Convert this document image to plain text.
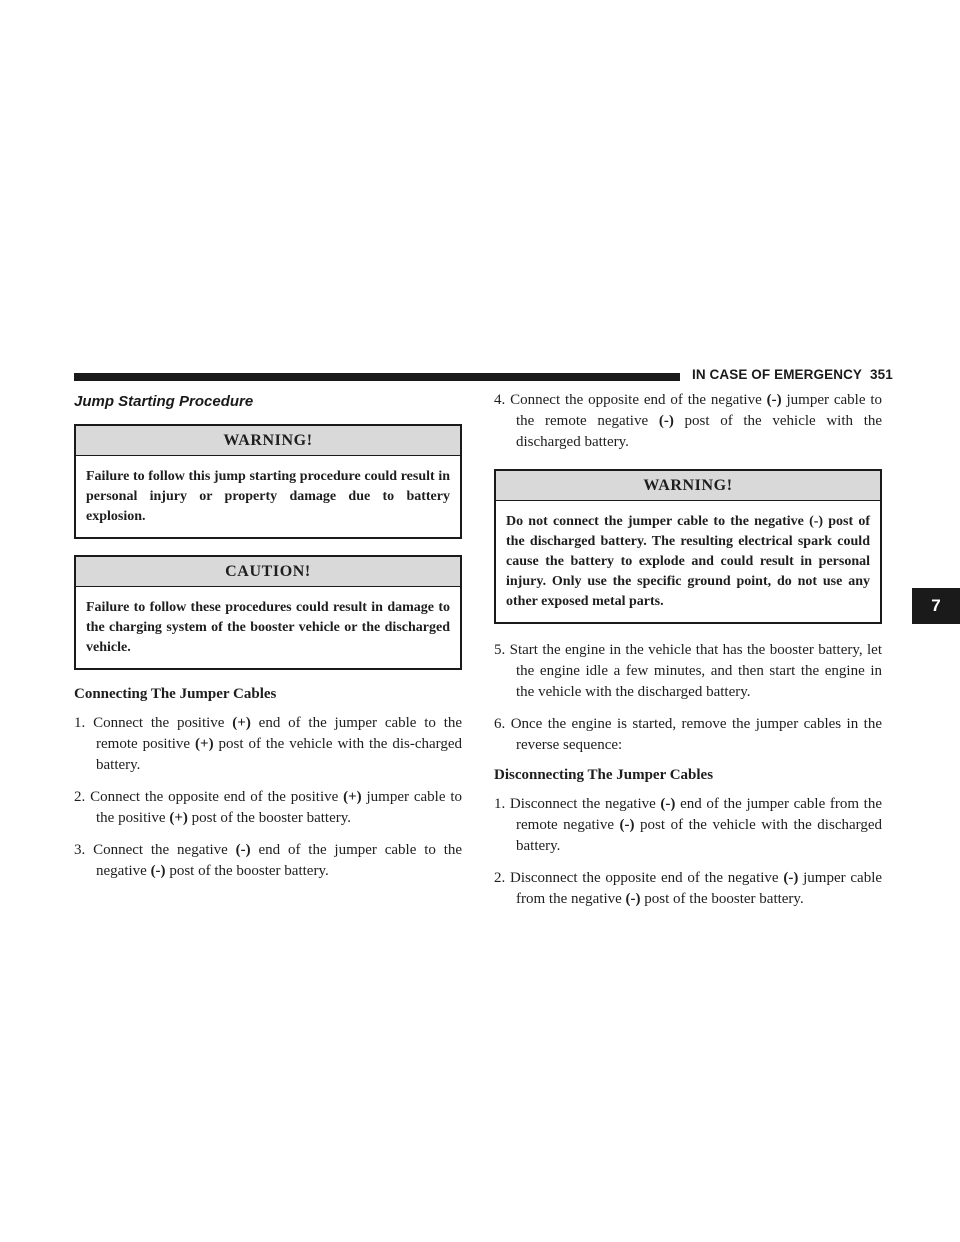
IN CASE OF EMERGENCY 351
7
Jump Starting Procedure
WARNING!
Failure to follow this jump starting procedure could result in personal injury or property damage due to battery explosion.
CAUTION!
Failure to follow these procedures could result in damage to the charging system of the booster vehicle or the discharged vehicle.
Connecting The Jumper Cables

1. Connect the positive (+) end of the jumper cable to the remote positive (+) post of the vehicle with the dis-charged battery.

2. Connect the opposite end of the positive (+) jumper cable to the positive (+) post of the booster battery.

3. Connect the negative (-) end of the jumper cable to the negative (-) post of the booster battery.

4. Connect the opposite end of the negative (-) jumper cable to the remote negative (-) post of the vehicle with the discharged battery.

WARNING!
Do not connect the jumper cable to the negative (-) post of the discharged battery. The resulting electrical spark could cause the battery to explode and could result in personal injury. Only use the specific ground point, do not use any other exposed metal parts.

5. Start the engine in the vehicle that has the booster battery, let the engine idle a few minutes, and then start the engine in the vehicle with the discharged battery.

6. Once the engine is started, remove the jumper cables in the reverse sequence:

Disconnecting The Jumper Cables

1. Disconnect the negative (-) end of the jumper cable from the remote negative (-) post of the vehicle with the discharged battery.

2. Disconnect the opposite end of the negative (-) jumper cable from the negative (-) post of the booster battery.
